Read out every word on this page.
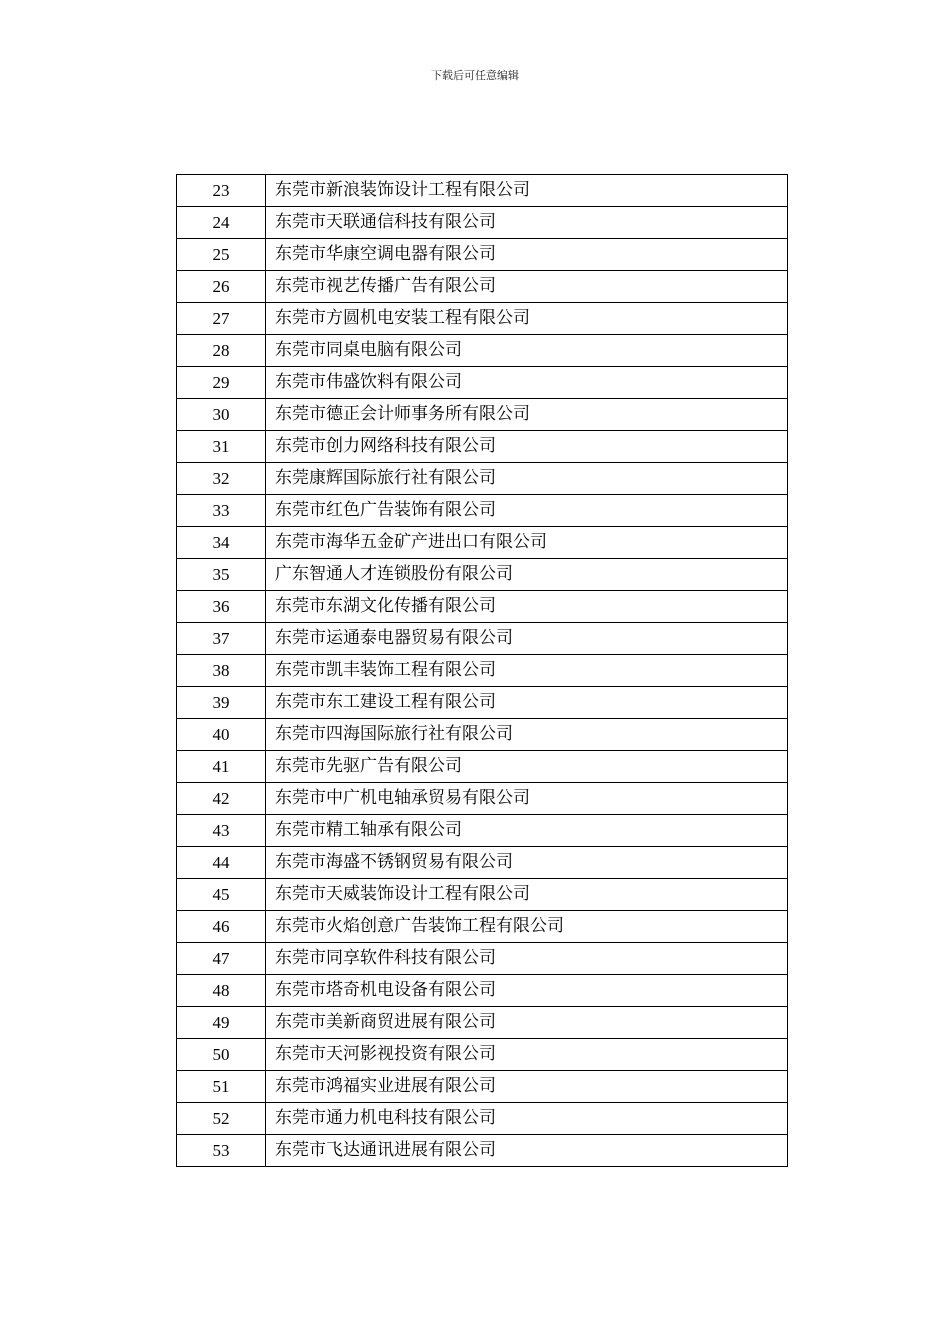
下载后可任意编辑
23	东莞市新浪装饰设计工程有限公司
24	东莞市天联通信科技有限公司
25	东莞市华康空调电器有限公司
26	东莞市视艺传播广告有限公司
27	东莞市方圆机电安装工程有限公司
28	东莞市同桌电脑有限公司
29	东莞市伟盛饮料有限公司
30	东莞市德正会计师事务所有限公司
31	东莞市创力网络科技有限公司
32	东莞康辉国际旅行社有限公司
33	东莞市红色广告装饰有限公司
34	东莞市海华五金矿产进出口有限公司
35	广东智通人才连锁股份有限公司
36	东莞市东湖文化传播有限公司
37	东莞市运通泰电器贸易有限公司
38	东莞市凯丰装饰工程有限公司
39	东莞市东工建设工程有限公司
40	东莞市四海国际旅行社有限公司
41	东莞市先驱广告有限公司
42	东莞市中广机电轴承贸易有限公司
43	东莞市精工轴承有限公司
44	东莞市海盛不锈钢贸易有限公司
45	东莞市天威装饰设计工程有限公司
46	东莞市火焰创意广告装饰工程有限公司
47	东莞市同享软件科技有限公司
48	东莞市塔奇机电设备有限公司
49	东莞市美新商贸进展有限公司
50	东莞市天河影视投资有限公司
51	东莞市鸿福实业进展有限公司
52	东莞市通力机电科技有限公司
53	东莞市飞达通讯进展有限公司
